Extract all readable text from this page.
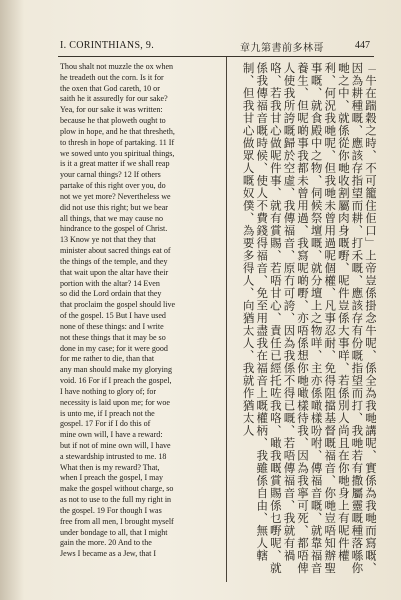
I. CORINTHIANS, 9.	章九第書前多林哥	447
Thou shalt not muzzle the ox when
he treadeth out the corn. Is it for
the oxen that God careth, 10 or
saith he it assuredly for our sake?
Yea, for our sake it was written:
because he that ploweth ought to
plow in hope, and he that thresheth,
to thresh in hope of partaking. 11 If
we sowed unto you spiritual things,
is it a great matter if we shall reap
your carnal things? 12 If others
partake of this right over you, do
not we yet more? Nevertheless we
did not use this right; but we bear
all things, that we may cause no
hindrance to the gospel of Christ.
13 Know ye not that they that
minister about sacred things eat of
the things of the temple, and they
that wait upon the altar have their
portion with the altar? 14 Even
so did the Lord ordain that they
that proclaim the gospel should live
of the gospel. 15 But I have used
none of these things: and I write
not these things that it may be so
done in my case; for it were good
for me rather to die, than that
any man should make my glorying
void. 16 For if I preach the gospel,
I have nothing to glory of; for
necessity is laid upon me; for woe
is unto me, if I preach not the
gospel. 17 For if I do this of
mine own will, I have a reward:
but if not of mine own will, I have
a stewardship intrusted to me. 18
What then is my reward? That,
when I preach the gospel, I may
make the gospel without charge, so
as not to use to the full my right in
the gospel. 19 For though I was
free from all men, I brought myself
under bondage to all, that I might
gain the more. 20 And to the
Jews I became as a Jew, that I	「牛在踹穀之時、不可籠住佢口」上帝豈係掛念牛呢、係全為我哋講呢、實係為我哋而寫嘅、因為耕種嘅、應該存指望而耕、打禾嘅、應該存有份嘅指望而打、我哋若有撒屬靈嘅種落喺你哋之中、就係從你哋收割屬肉身嘅嘢、呢件豈係大事咩、若係別人尚且在你哋身上有呢件權利、何況我哋呢、但我哋未曾用過呢個權、凡事忍耐、免得阻擋基督嘅福音、你哋豈唔知辦聖事嘅、就食殿中之物、伺候祭壇嘅、就分壇上之物咩、主亦係噉樣吩咐、傳福音嘅、就靠福音養生、但呢啲事我都未曾用過、我寫呢啲嘢、亦唔係想你哋噉樣待我、因為我寧可死、都唔俾人使我所誇嘅歸於空虛、我傳福音、原冇可誇、因為我係不得已嘅、若唔傳福音、我就有禍咯、若我甘心做呢件事、就有賞賜、若唔甘心、責任已經托咗我咯、噉我嘅賞賜係乜嘢呢、就係我傳福音嘅時候、使人不費錢得福音、免至用盡我在福音上嘅權柄、我雖係自由、無人轄制、但我甘心做眾人嘅奴僕、為要多得人、向猶太人、我就作猶太人
